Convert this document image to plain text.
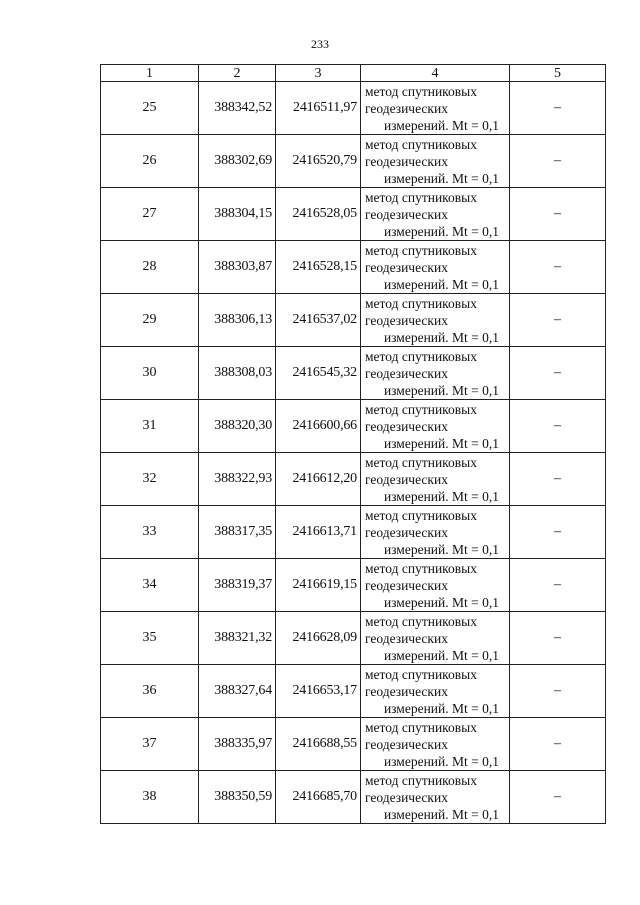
233
1	2	3	4	5
25	388342,52	2416511,97	метод спутниковых
геодезических
измерений. Mt = 0,1	–
26	388302,69	2416520,79	метод спутниковых
геодезических
измерений. Mt = 0,1	–
27	388304,15	2416528,05	метод спутниковых
геодезических
измерений. Mt = 0,1	–
28	388303,87	2416528,15	метод спутниковых
геодезических
измерений. Mt = 0,1	–
29	388306,13	2416537,02	метод спутниковых
геодезических
измерений. Mt = 0,1	–
30	388308,03	2416545,32	метод спутниковых
геодезических
измерений. Mt = 0,1	–
31	388320,30	2416600,66	метод спутниковых
геодезических
измерений. Mt = 0,1	–
32	388322,93	2416612,20	метод спутниковых
геодезических
измерений. Mt = 0,1	–
33	388317,35	2416613,71	метод спутниковых
геодезических
измерений. Mt = 0,1	–
34	388319,37	2416619,15	метод спутниковых
геодезических
измерений. Mt = 0,1	–
35	388321,32	2416628,09	метод спутниковых
геодезических
измерений. Mt = 0,1	–
36	388327,64	2416653,17	метод спутниковых
геодезических
измерений. Mt = 0,1	–
37	388335,97	2416688,55	метод спутниковых
геодезических
измерений. Mt = 0,1	–
38	388350,59	2416685,70	метод спутниковых
геодезических
измерений. Mt = 0,1	–
